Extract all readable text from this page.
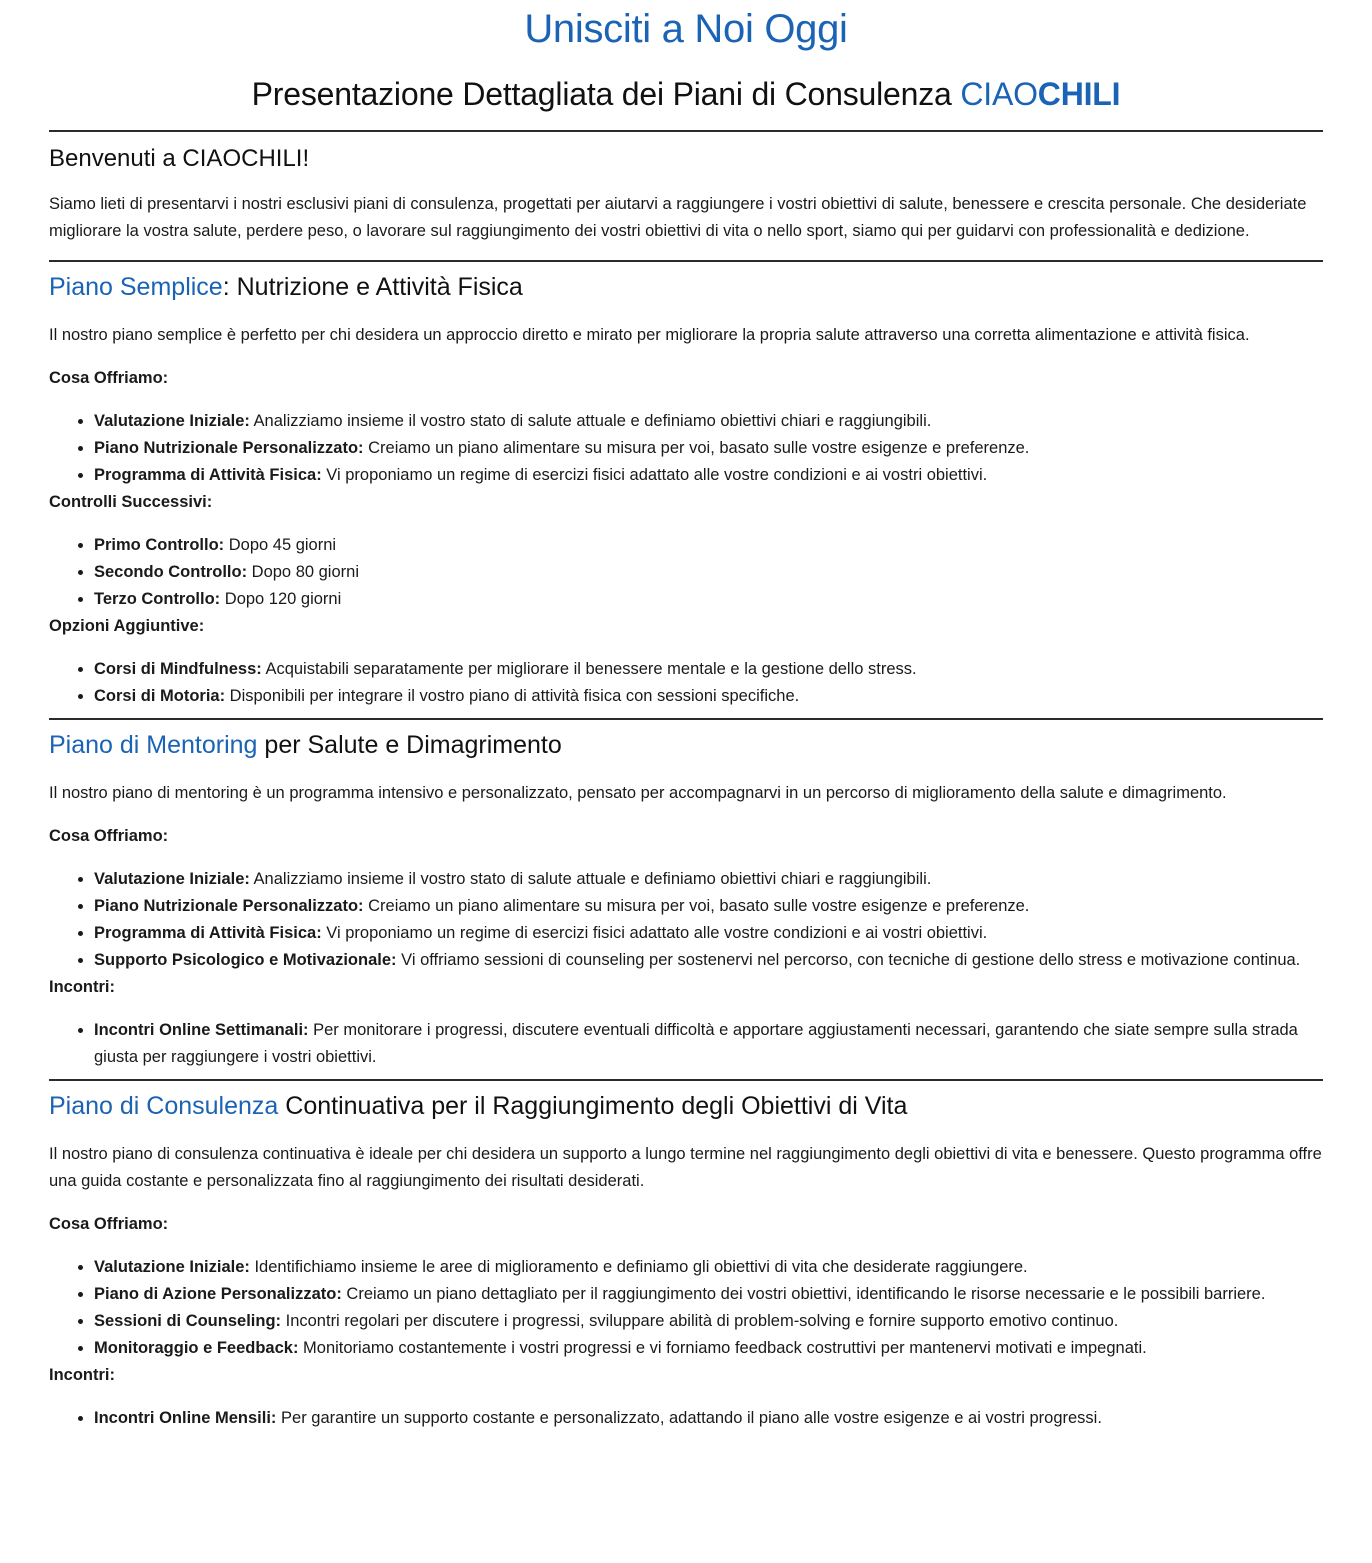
Unisciti a Noi Oggi
Presentazione Dettagliata dei Piani di Consulenza CIAOCHILI
Benvenuti a CIAOCHILI!

Siamo lieti di presentarvi i nostri esclusivi piani di consulenza, progettati per aiutarvi a raggiungere i vostri obiettivi di salute, benessere e crescita personale. Che desideriate migliorare la vostra salute, perdere peso, o lavorare sul raggiungimento dei vostri obiettivi di vita o nello sport, siamo qui per guidarvi con professionalità e dedizione.

Piano Semplice: Nutrizione e Attività Fisica

Il nostro piano semplice è perfetto per chi desidera un approccio diretto e mirato per migliorare la propria salute attraverso una corretta alimentazione e attività fisica.

Cosa Offriamo:

• Valutazione Iniziale: Analizziamo insieme il vostro stato di salute attuale e definiamo obiettivi chiari e raggiungibili.
• Piano Nutrizionale Personalizzato: Creiamo un piano alimentare su misura per voi, basato sulle vostre esigenze e preferenze.
• Programma di Attività Fisica: Vi proponiamo un regime di esercizi fisici adattato alle vostre condizioni e ai vostri obiettivi.

Controlli Successivi:

• Primo Controllo: Dopo 45 giorni
• Secondo Controllo: Dopo 80 giorni
• Terzo Controllo: Dopo 120 giorni

Opzioni Aggiuntive:

• Corsi di Mindfulness: Acquistabili separatamente per migliorare il benessere mentale e la gestione dello stress.
• Corsi di Motoria: Disponibili per integrare il vostro piano di attività fisica con sessioni specifiche.
Piano di Mentoring per Salute e Dimagrimento

Il nostro piano di mentoring è un programma intensivo e personalizzato, pensato per accompagnarvi in un percorso di miglioramento della salute e dimagrimento.

Cosa Offriamo:

• Valutazione Iniziale: Analizziamo insieme il vostro stato di salute attuale e definiamo obiettivi chiari e raggiungibili.
• Piano Nutrizionale Personalizzato: Creiamo un piano alimentare su misura per voi, basato sulle vostre esigenze e preferenze.
• Programma di Attività Fisica: Vi proponiamo un regime di esercizi fisici adattato alle vostre condizioni e ai vostri obiettivi.
• Supporto Psicologico e Motivazionale: Vi offriamo sessioni di counseling per sostenervi nel percorso, con tecniche di gestione dello stress e motivazione continua.

Incontri:

• Incontri Online Settimanali: Per monitorare i progressi, discutere eventuali difficoltà e apportare aggiustamenti necessari, garantendo che siate sempre sulla strada giusta per raggiungere i vostri obiettivi.
Piano di Consulenza Continuativa per il Raggiungimento degli Obiettivi di Vita

Il nostro piano di consulenza continuativa è ideale per chi desidera un supporto a lungo termine nel raggiungimento degli obiettivi di vita e benessere. Questo programma offre una guida costante e personalizzata fino al raggiungimento dei risultati desiderati.

Cosa Offriamo:

• Valutazione Iniziale: Identifichiamo insieme le aree di miglioramento e definiamo gli obiettivi di vita che desiderate raggiungere.
• Piano di Azione Personalizzato: Creiamo un piano dettagliato per il raggiungimento dei vostri obiettivi, identificando le risorse necessarie e le possibili barriere.
• Sessioni di Counseling: Incontri regolari per discutere i progressi, sviluppare abilità di problem-solving e fornire supporto emotivo continuo.
• Monitoraggio e Feedback: Monitoriamo costantemente i vostri progressi e vi forniamo feedback costruttivi per mantenervi motivati e impegnati.

Incontri:

• Incontri Online Mensili: Per garantire un supporto costante e personalizzato, adattando il piano alle vostre esigenze e ai vostri progressi.
